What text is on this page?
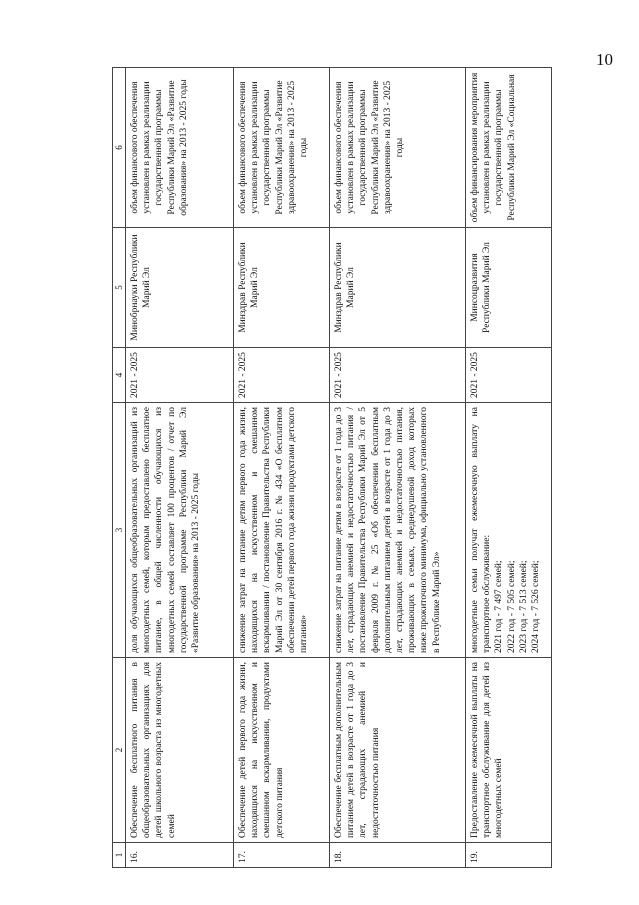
10
1	2	3	4	5	6
16.	Обеспечение бесплатного питания в общеобразовательных организациях для детей школьного возраста из многодетных семей	доля обучающихся общеобразовательных организаций из многодетных семей, которым предоставлено бесплатное питание, в общей численности обучающихся из многодетных семей составляет 100 процентов / отчет по государственной программе Республики Марий Эл «Развитие образования» на 2013 - 2025 годы	2021 - 2025	Минобрнауки Республики Марий Эл	объем финансового обеспечения установлен в рамках реализации государственной программы Республики Марий Эл «Развитие образования» на 2013 - 2025 годы
17.	Обеспечение детей первого года жизни, находящихся на искусственном и смешанном вскармливании, продуктами детского питания	снижение затрат на питание детям первого года жизни, находящихся на искусственном и смешанном вскармливании / постановление Правительства Республики Марий Эл от 30 сентября 2016 г. № 434 «О бесплатном обеспечении детей первого года жизни продуктами детского питания»	2021 - 2025	Минздрав Республики Марий Эл	объем финансового обеспечения установлен в рамках реализации государственной программы Республики Марий Эл «Развитие здравоохранения» на 2013 - 2025 годы
18.	Обеспечение бесплатным дополнительным питанием детей в возрасте от 1 года до 3 лет, страдающих анемией и недостаточностью питания	снижение затрат на питание детям в возрасте от 1 года до 3 лет, страдающих анемией и недостаточностью питания / постановление Правительства Республики Марий Эл от 5 февраля 2009 г. № 25 «Об обеспечении бесплатным дополнительным питанием детей в возрасте от 1 года до 3 лет, страдающих анемией и недостаточностью питания, проживающих в семьях, среднедушевой доход которых ниже прожиточного минимума, официально установленного в Республике Марий Эл»	2021 - 2025	Минздрав Республики Марий Эл	объем финансового обеспечения установлен в рамках реализации государственной программы Республики Марий Эл «Развитие здравоохранения» на 2013 - 2025 годы
19.	Предоставление ежемесячной выплаты на транспортное обслуживание для детей из многодетных семей	многодетные семьи получат ежемесячную выплату на транспортное обслуживание:
2021 год - 7 497 семей;
2022 год - 7 505 семей;
2023 год - 7 513 семей;
2024 год - 7 526 семей;	2021 - 2025	Минсоцразвития Республики Марий Эл	объем финансирования мероприятия установлен в рамках реализации государственной программы Республики Марий Эл «Социальная
